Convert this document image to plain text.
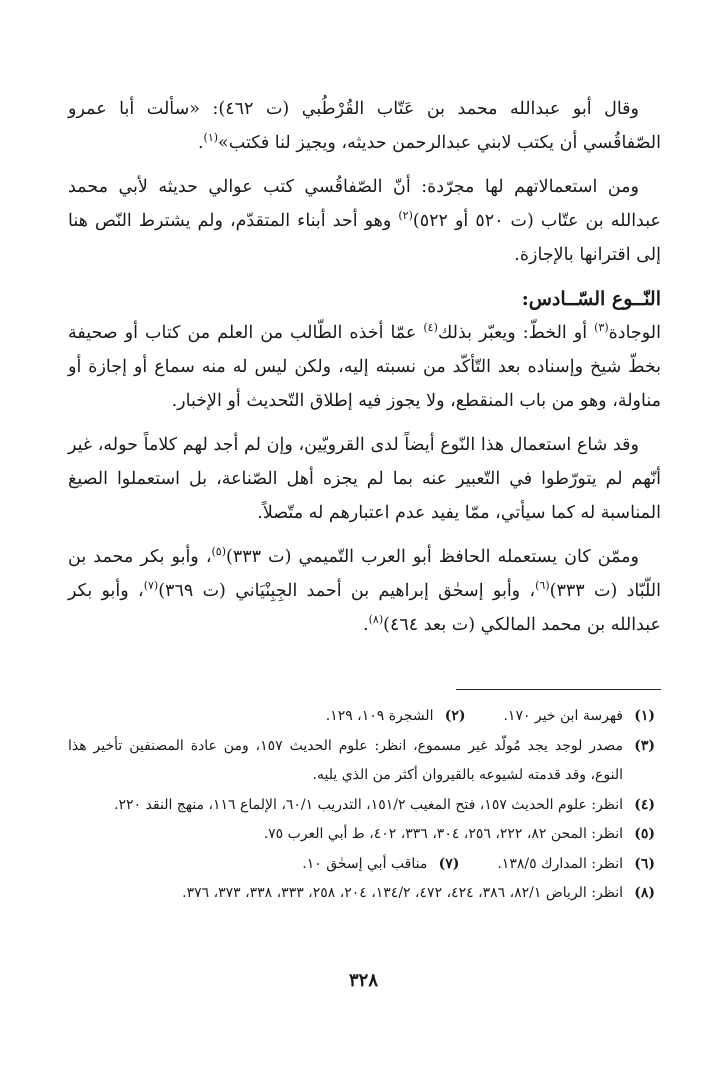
وقال أبو عبدالله محمد بن عَتّاب القُرْطُبي (ت ٤٦٢): «سألت أبا عمرو الصّفاقُسي أن يكتب لابني عبدالرحمن حديثه، ويجيز لنا فكتب»$^{(١)}$.

ومن استعمالاتهم لها مجرّدة: أنّ الصّفاقُسي كتب عوالي حديثه لأبي محمد عبدالله بن عتّاب (ت ٥٢٠ أو ٥٢٢)$^{(٢)}$ وهو أحد أبناء المتقدّم، ولم يشترط النّص هنا إلى اقترانها بالإجازة.

النّــوع السّــادس:

الوجادة$^{(٣)}$ أو الخطّ: ويعبّر بذلك$^{(٤)}$ عمّا أخذه الطّالب من العلم من كتاب أو صحيفة بخطّ شيخ وإسناده بعد التّأكّد من نسبته إليه، ولكن ليس له منه سماع أو إجازة أو مناولة، وهو من باب المنقطع، ولا يجوز فيه إطلاق التّحديث أو الإخبار.

وقد شاع استعمال هذا النّوع أيضاً لدى القرويّين، وإن لم أجد لهم كلاماً حوله، غير أنّهم لم يتورّطوا في التّعبير عنه بما لم يجزه أهل الصّناعة، بل استعملوا الصيغ المناسبة له كما سيأتي، ممّا يفيد عدم اعتبارهم له متّصلاً.

وممّن كان يستعمله الحافظ أبو العرب التّميمي (ت ٣٣٣)$^{(٥)}$، وأبو بكر محمد بن اللّبّاد (ت ٣٣٣)$^{(٦)}$، وأبو إسحٰق إبراهيم بن أحمد الجِبِنْيَاني (ت ٣٦٩)$^{(٧)}$، وأبو بكر عبدالله بن محمد المالكي (ت بعد ٤٦٤)$^{(٨)}$.

(١)
فهرسة ابن خير ١٧٠.
(٢)
الشجرة ١٠٩، ١٢٩.
(٣)
مصدر لوجد يجد مُولّد غير مسموع، انظر: علوم الحديث ١٥٧، ومن عادة المصنفين تأخير هذا النوع، وقد قدمته لشيوعه بالقيروان أكثر من الذي يليه.
(٤)
انظر: علوم الحديث ١٥٧، فتح المغيب ١٥١/٢، التدريب ٦٠/١، الإلماع ١١٦، منهج النقد ٢٢٠.
(٥)
انظر: المحن ٨٢، ٢٢٢، ٢٥٦، ٣٠٤، ٣٣٦، ٤٠٢، ط أبي العرب ٧٥.
(٦)
انظر: المدارك ١٣٨/٥.
(٧)
مناقب أبي إسحٰق ١٠.
(٨)
انظر: الرياض ٨٢/١، ٣٨٦، ٤٢٤، ٤٧٢، ١٣٤/٢، ٢٠٤، ٢٥٨، ٣٣٣، ٣٣٨، ٣٧٣، ٣٧٦.
٣٢٨
